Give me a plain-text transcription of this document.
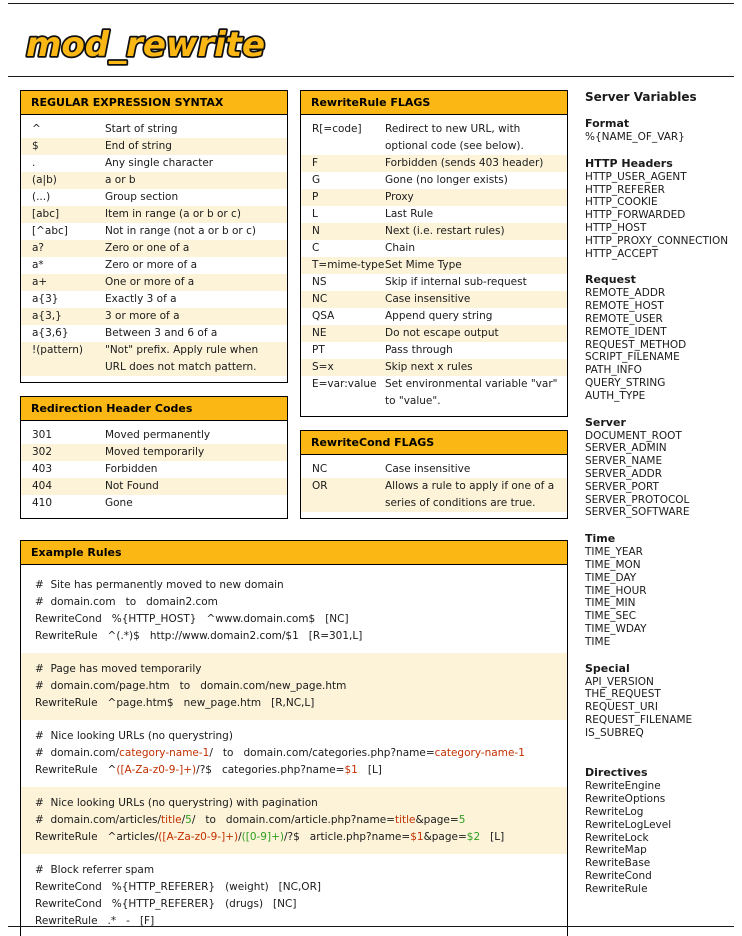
mod_rewrite
REGULAR EXPRESSION SYNTAX
^	Start of string
$	End of string
.	Any single character
(a|b)	a or b
(...)	Group section
[abc]	Item in range (a or b or c)
[^abc]	Not in range (not a or b or c)
a?	Zero or one of a
a*	Zero or more of a
a+	One or more of a
a{3}	Exactly 3 of a
a{3,}	3 or more of a
a{3,6}	Between 3 and 6 of a
!(pattern)	"Not" prefix. Apply rule when URL does not match pattern.
Redirection Header Codes
301	Moved permanently
302	Moved temporarily
403	Forbidden
404	Not Found
410	Gone
RewriteRule FLAGS
R[=code]	Redirect to new URL, with optional code (see below).
F	Forbidden (sends 403 header)
G	Gone (no longer exists)
P	Proxy
L	Last Rule
N	Next (i.e. restart rules)
C	Chain
T=mime-type Set Mime Type
NS	Skip if internal sub-request
NC	Case insensitive
QSA	Append query string
NE	Do not escape output
PT	Pass through
S=x	Skip next x rules
E=var:value Set environmental variable "var" to "value".
RewriteCond FLAGS
NC	Case insensitive
OR	Allows a rule to apply if one of a series of conditions are true.
Example Rules
#  Site has permanently moved to new domain
#  domain.com   to   domain2.com
RewriteCond   %{HTTP_HOST}   ^www.domain.com$   [NC]
RewriteRule   ^(.*)$   http://www.domain2.com/$1   [R=301,L]
#  Page has moved temporarily
#  domain.com/page.htm   to   domain.com/new_page.htm
RewriteRule   ^page.htm$   new_page.htm   [R,NC,L]
#  Nice looking URLs (no querystring)
#  domain.com/category-name-1/   to   domain.com/categories.php?name=category-name-1
RewriteRule   ^([A-Za-z0-9-]+)/?$   categories.php?name=$1   [L]
#  Nice looking URLs (no querystring) with pagination
#  domain.com/articles/title/5/   to   domain.com/article.php?name=title&page=5
RewriteRule   ^articles/([A-Za-z0-9-]+)/([0-9]+)/?$   article.php?name=$1&page=$2   [L]
#  Block referrer spam
RewriteCond   %{HTTP_REFERER}   (weight)   [NC,OR]
RewriteCond   %{HTTP_REFERER}   (drugs)   [NC]
RewriteRule   .*   -   [F]
Server Variables
Format
%{NAME_OF_VAR}
HTTP Headers
HTTP_USER_AGENT
HTTP_REFERER
HTTP_COOKIE
HTTP_FORWARDED
HTTP_HOST
HTTP_PROXY_CONNECTION
HTTP_ACCEPT
Request
REMOTE_ADDR
REMOTE_HOST
REMOTE_USER
REMOTE_IDENT
REQUEST_METHOD
SCRIPT_FILENAME
PATH_INFO
QUERY_STRING
AUTH_TYPE
Server
DOCUMENT_ROOT
SERVER_ADMIN
SERVER_NAME
SERVER_ADDR
SERVER_PORT
SERVER_PROTOCOL
SERVER_SOFTWARE
Time
TIME_YEAR
TIME_MON
TIME_DAY
TIME_HOUR
TIME_MIN
TIME_SEC
TIME_WDAY
TIME
Special
API_VERSION
THE_REQUEST
REQUEST_URI
REQUEST_FILENAME
IS_SUBREQ
Directives
RewriteEngine
RewriteOptions
RewriteLog
RewriteLogLevel
RewriteLock
RewriteMap
RewriteBase
RewriteCond
RewriteRule
